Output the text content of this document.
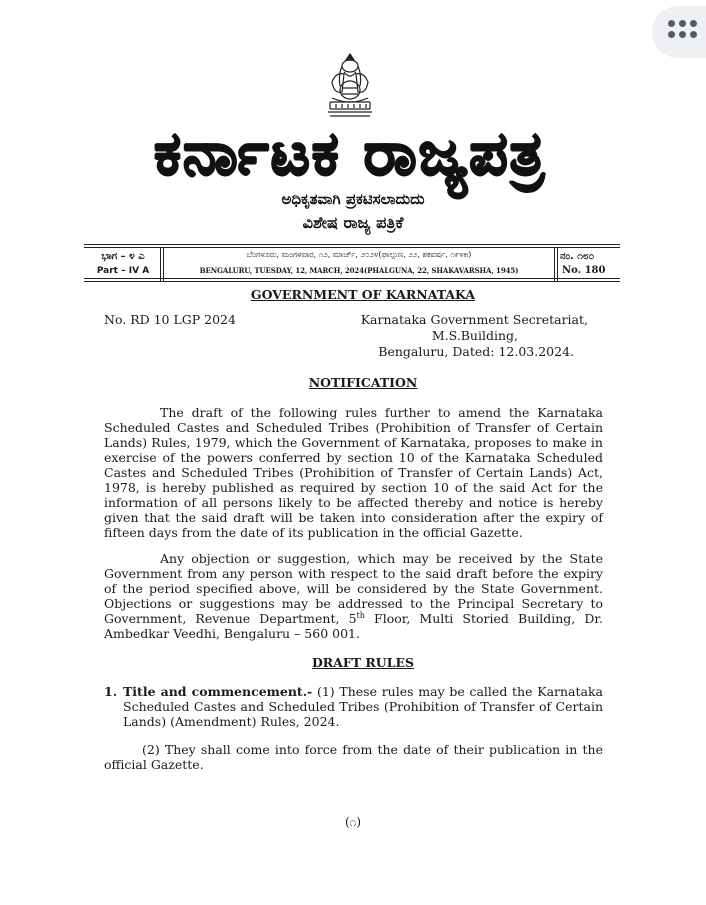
ಕರ್ನಾಟಕ ರಾಜ್ಯಪತ್ರ
ಅಧಿಕೃತವಾಗಿ ಪ್ರಕಟಿಸಲಾದುದು
ವಿಶೇಷ ರಾಜ್ಯ ಪತ್ರಿಕೆ
ಭಾಗ – ೪ ಎ
Part – IV A
ಬೆಂಗಳೂರು, ಮಂಗಳವಾರ, ೧೨, ಮಾರ್ಚ್, ೨೦೨೪(ಫಾಲ್ಗುಣ, ೨೨, ಶಕವರ್ಷ, ೧೯೪೫)
BENGALURU, TUESDAY, 12, MARCH, 2024(PHALGUNA, 22, SHAKAVARSHA, 1945)
ನಂ. ೧೮೦
No. 180
GOVERNMENT OF KARNATAKA
No. RD 10 LGP 2024	Karnataka Government Secretariat,
M.S.Building,
Bengaluru, Dated: 12.03.2024.
NOTIFICATION

The draft of the following rules further to amend the Karnataka Scheduled Castes and Scheduled Tribes (Prohibition of Transfer of Certain Lands) Rules, 1979, which the Government of Karnataka, proposes to make in exercise of the powers conferred by section 10 of the Karnataka Scheduled Castes and Scheduled Tribes (Prohibition of Transfer of Certain Lands) Act, 1978, is hereby published as required by section 10 of the said Act for the information of all persons likely to be affected thereby and notice is hereby given that the said draft will be taken into consideration after the expiry of fifteen days from the date of its publication in the official Gazette.

Any objection or suggestion, which may be received by the State Government from any person with respect to the said draft before the expiry of the period specified above, will be considered by the State Government. Objections or suggestions may be addressed to the Principal Secretary to Government, Revenue Department, 5th Floor, Multi Storied Building, Dr. Ambedkar Veedhi, Bengaluru – 560 001.

DRAFT RULES

1. Title and commencement.- (1) These rules may be called the Karnataka Scheduled Castes and Scheduled Tribes (Prohibition of Transfer of Certain Lands) (Amendment) Rules, 2024.

(2) They shall come into force from the date of their publication in the official Gazette.

(೧)
